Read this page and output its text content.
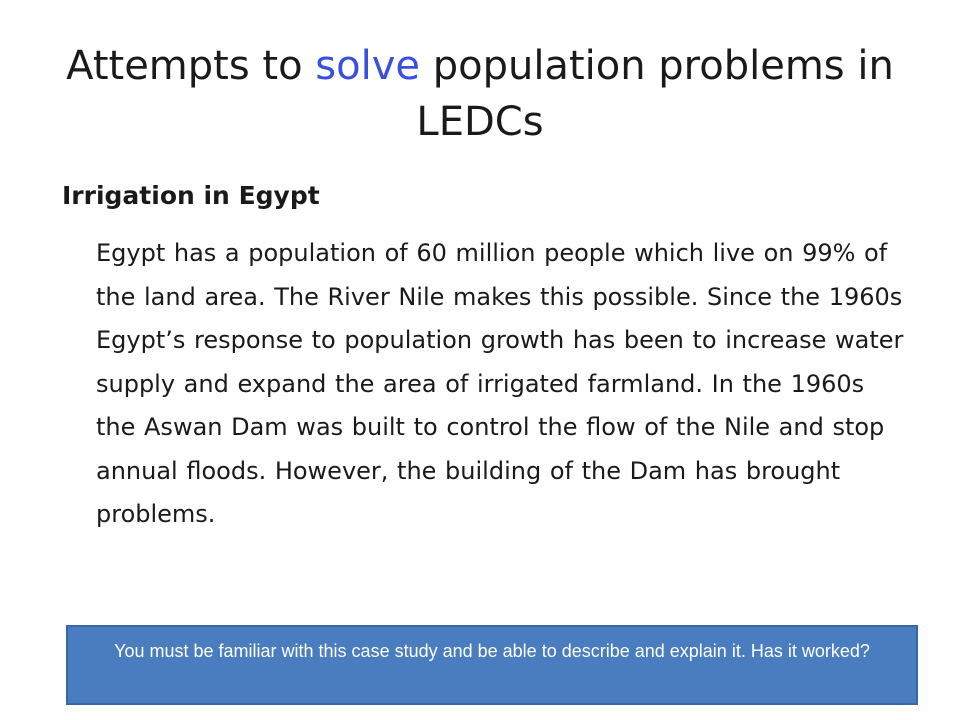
Attempts to solve population problems in LEDCs
Irrigation in Egypt
Egypt has a population of 60 million people which live on 99% of the land area. The River Nile makes this possible. Since the 1960s Egypt’s response to population growth has been to increase water supply and expand the area of irrigated farmland. In the 1960s the Aswan Dam was built to control the flow of the Nile and stop annual floods. However, the building of the Dam has brought problems.
You must be familiar with this case study and be able to describe and explain it. Has it worked?
